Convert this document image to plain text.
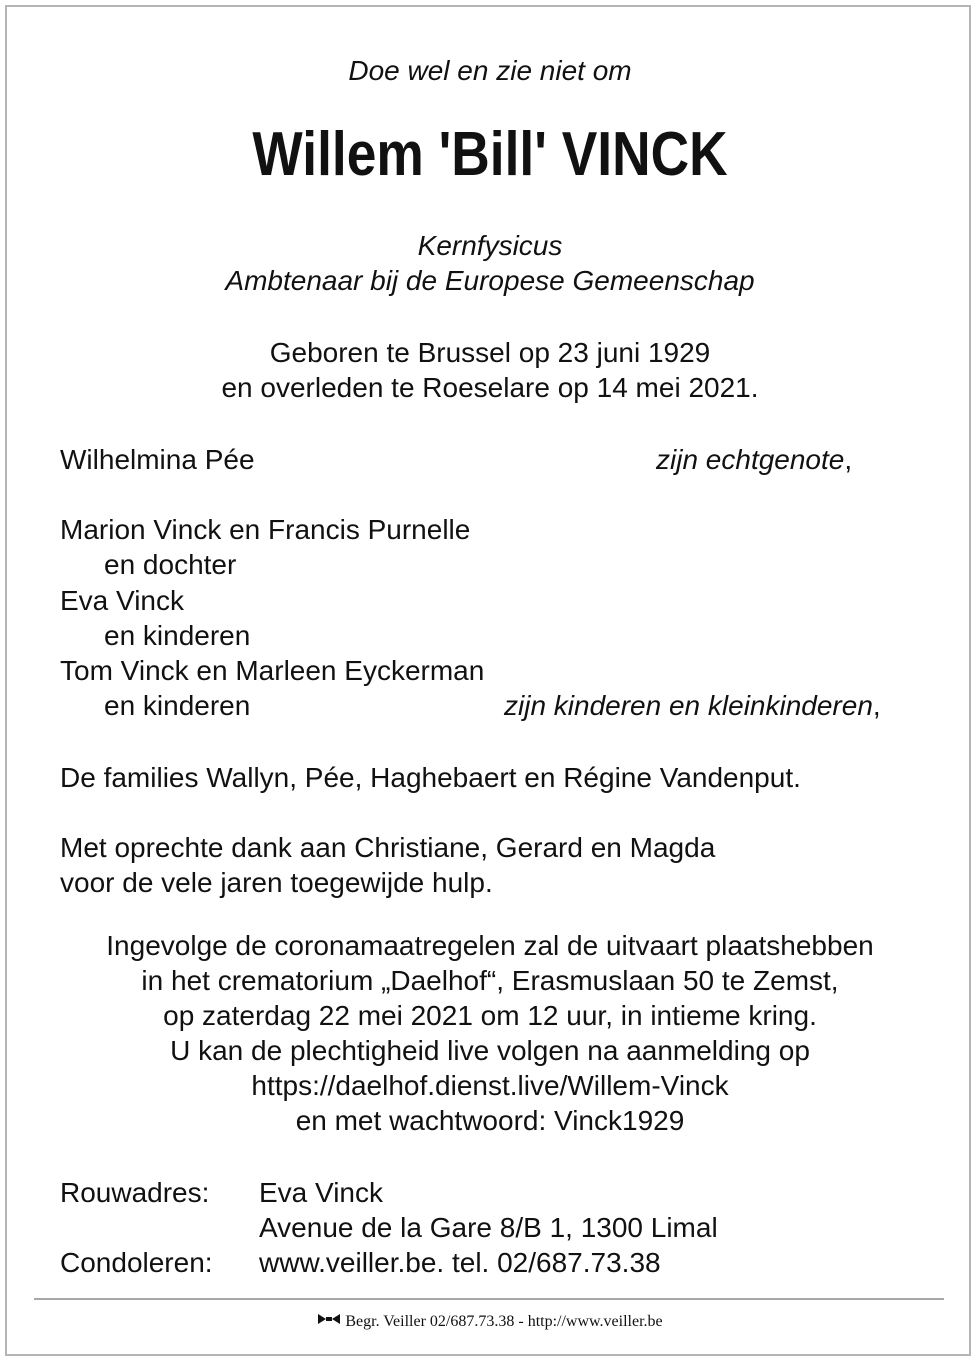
Doe wel en zie niet om
Willem 'Bill' VINCK
Kernfysicus
Ambtenaar bij de Europese Gemeenschap
Geboren te Brussel op 23 juni 1929
en overleden te Roeselare op 14 mei 2021.
Wilhelmina Pée	zijn echtgenote,
Marion Vinck en Francis Purnelle
en dochter
Eva Vinck
en kinderen
Tom Vinck en Marleen Eyckerman
en kinderen	zijn kinderen en kleinkinderen,
De families Wallyn, Pée, Haghebaert en Régine Vandenput.
Met oprechte dank aan Christiane, Gerard en Magda
voor de vele jaren toegewijde hulp.
Ingevolge de coronamaatregelen zal de uitvaart plaatshebben
in het crematorium „Daelhof“, Erasmuslaan 50 te Zemst,
op zaterdag 22 mei 2021 om 12 uur, in intieme kring.
U kan de plechtigheid live volgen na aanmelding op
https://daelhof.dienst.live/Willem-Vinck
en met wachtwoord: Vinck1929
Rouwadres: Eva Vinck
Avenue de la Gare 8/B 1, 1300 Limal
Condoleren: www.veiller.be. tel. 02/687.73.38
Begr. Veiller 02/687.73.38 - http://www.veiller.be
